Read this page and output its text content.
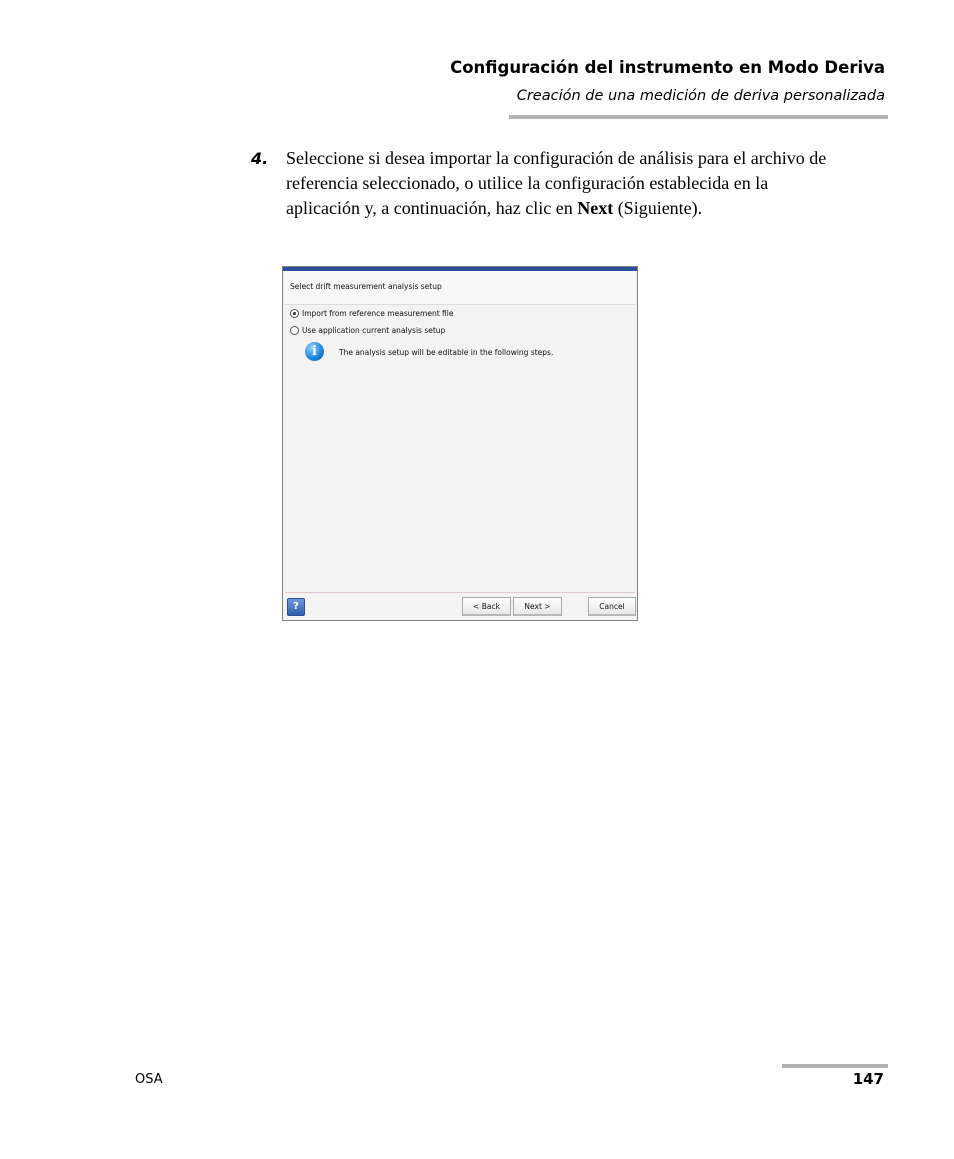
Configuración del instrumento en Modo Deriva
Creación de una medición de deriva personalizada
4. Seleccione si desea importar la configuración de análisis para el archivo de referencia seleccionado, o utilice la configuración establecida en la aplicación y, a continuación, haz clic en Next (Siguiente).
Select drift measurement analysis setup
Import from reference measurement file
Use application current analysis setup
i	The analysis setup will be editable in the following steps.
?	< Back	Next >	Cancel
OSA	147
